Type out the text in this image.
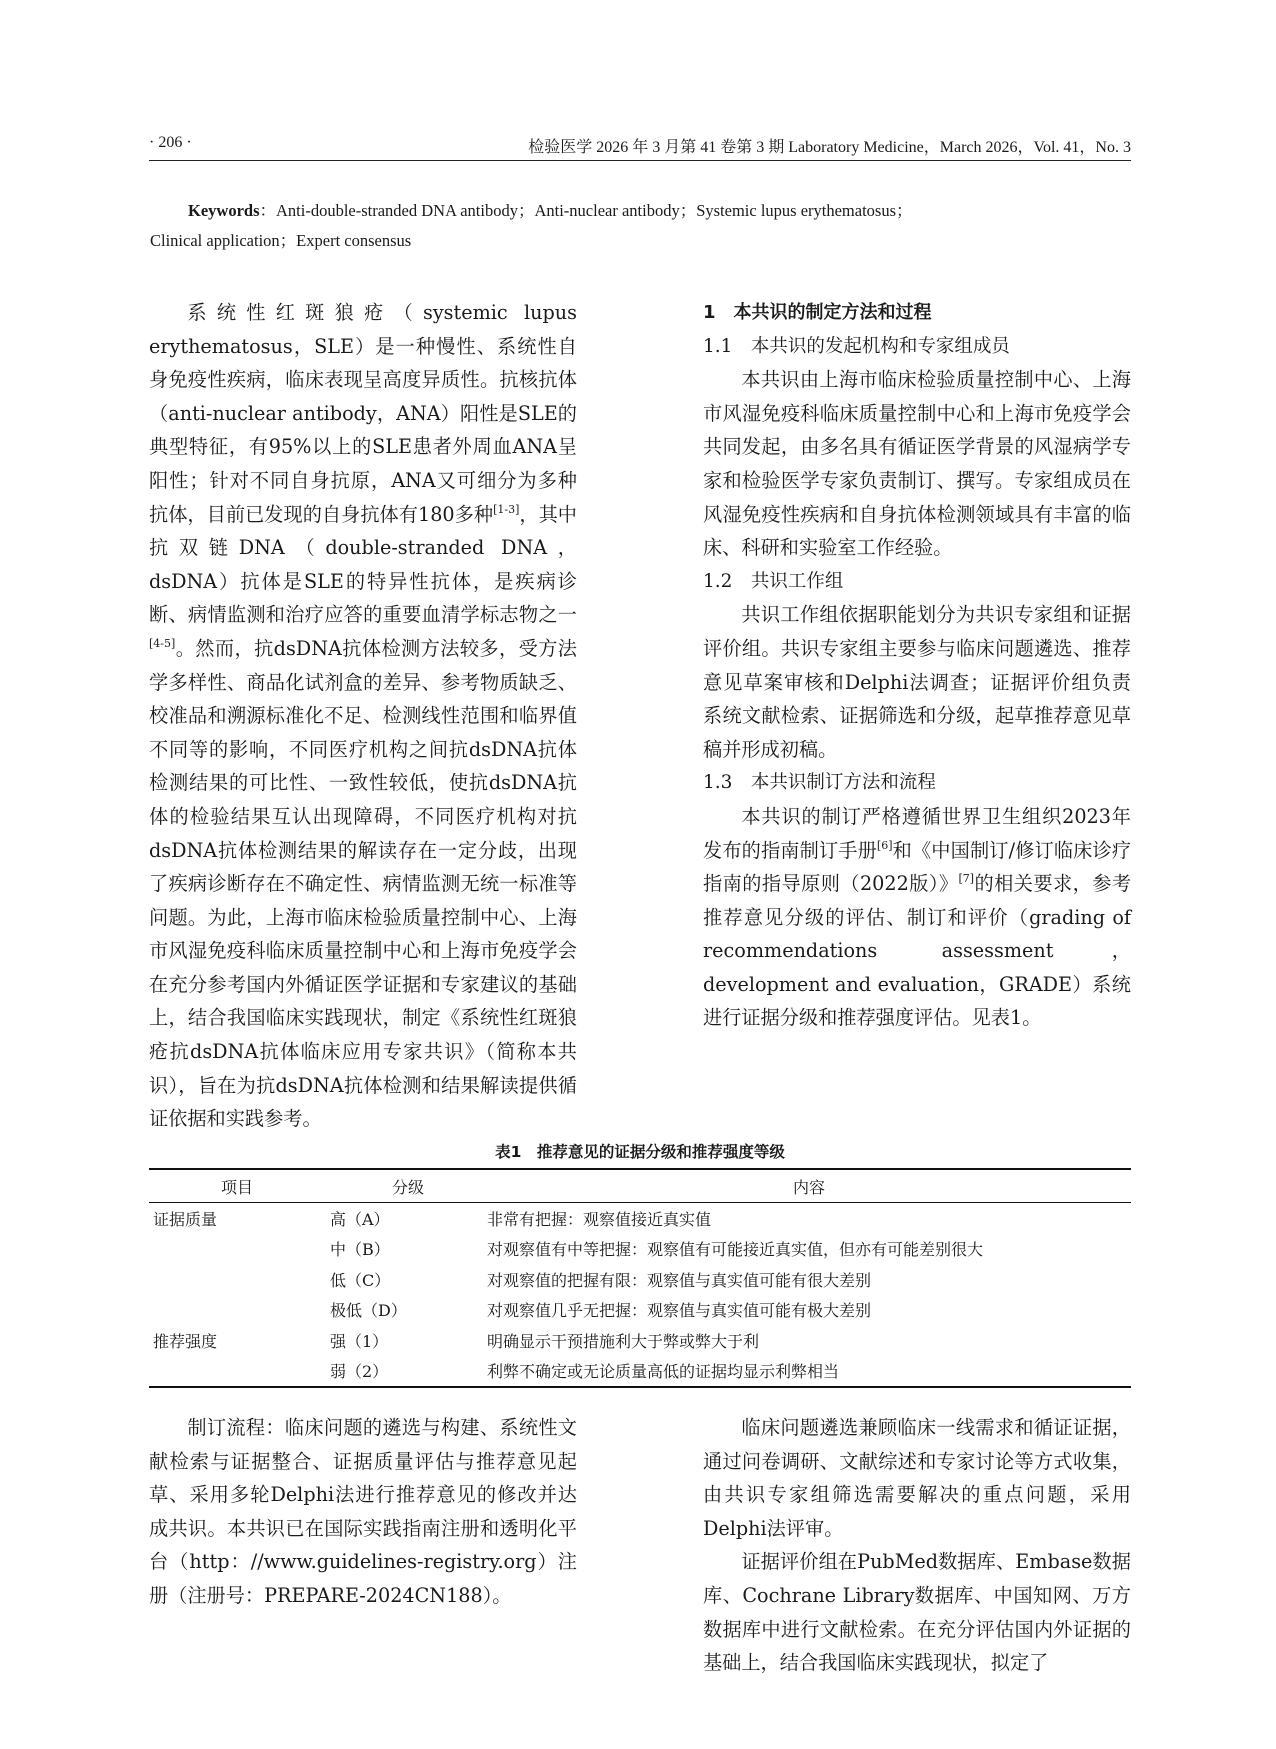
· 206 ·	检验医学 2026 年 3 月第 41 卷第 3 期 Laboratory Medicine，March 2026，Vol. 41，No. 3
Keywords：Anti-double-stranded DNA antibody；Anti-nuclear antibody；Systemic lupus erythematosus；
Clinical application；Expert consensus

系统性红斑狼疮（systemic lupus erythematosus，SLE）是一种慢性、系统性自身免疫性疾病，临床表现呈高度异质性。抗核抗体（anti-nuclear antibody，ANA）阳性是SLE的典型特征，有95%以上的SLE患者外周血ANA呈阳性；针对不同自身抗原，ANA又可细分为多种抗体，目前已发现的自身抗体有180多种[1-3]，其中抗双链DNA（double-stranded DNA，dsDNA）抗体是SLE的特异性抗体，是疾病诊断、病情监测和治疗应答的重要血清学标志物之一[4-5]。然而，抗dsDNA抗体检测方法较多，受方法学多样性、商品化试剂盒的差异、参考物质缺乏、校准品和溯源标准化不足、检测线性范围和临界值不同等的影响，不同医疗机构之间抗dsDNA抗体检测结果的可比性、一致性较低，使抗dsDNA抗体的检验结果互认出现障碍，不同医疗机构对抗dsDNA抗体检测结果的解读存在一定分歧，出现了疾病诊断存在不确定性、病情监测无统一标准等问题。为此，上海市临床检验质量控制中心、上海市风湿免疫科临床质量控制中心和上海市免疫学会在充分参考国内外循证医学证据和专家建议的基础上，结合我国临床实践现状，制定《系统性红斑狼疮抗dsDNA抗体临床应用专家共识》（简称本共识），旨在为抗dsDNA抗体检测和结果解读提供循证依据和实践参考。

1　本共识的制定方法和过程

1.1　本共识的发起机构和专家组成员

本共识由上海市临床检验质量控制中心、上海市风湿免疫科临床质量控制中心和上海市免疫学会共同发起，由多名具有循证医学背景的风湿病学专家和检验医学专家负责制订、撰写。专家组成员在风湿免疫性疾病和自身抗体检测领域具有丰富的临床、科研和实验室工作经验。

1.2　共识工作组

共识工作组依据职能划分为共识专家组和证据评价组。共识专家组主要参与临床问题遴选、推荐意见草案审核和Delphi法调查；证据评价组负责系统文献检索、证据筛选和分级，起草推荐意见草稿并形成初稿。

1.3　本共识制订方法和流程

本共识的制订严格遵循世界卫生组织2023年发布的指南制订手册[6]和《中国制订/修订临床诊疗指南的指导原则（2022版）》[7]的相关要求，参考推荐意见分级的评估、制订和评价（grading of recommendations assessment，development and evaluation，GRADE）系统进行证据分级和推荐强度评估。见表1。

表1　推荐意见的证据分级和推荐强度等级
项目	分级	内容
证据质量	高（A）	非常有把握：观察值接近真实值
	中（B）	对观察值有中等把握：观察值有可能接近真实值，但亦有可能差别很大
	低（C）	对观察值的把握有限：观察值与真实值可能有很大差别
	极低（D）	对观察值几乎无把握：观察值与真实值可能有极大差别
推荐强度	强（1）	明确显示干预措施利大于弊或弊大于利
	弱（2）	利弊不确定或无论质量高低的证据均显示利弊相当

制订流程：临床问题的遴选与构建、系统性文献检索与证据整合、证据质量评估与推荐意见起草、采用多轮Delphi法进行推荐意见的修改并达成共识。本共识已在国际实践指南注册和透明化平台（http：//www.guidelines-registry.org）注册（注册号：PREPARE-2024CN188）。

临床问题遴选兼顾临床一线需求和循证证据，通过问卷调研、文献综述和专家讨论等方式收集，由共识专家组筛选需要解决的重点问题，采用Delphi法评审。

证据评价组在PubMed数据库、Embase数据库、Cochrane Library数据库、中国知网、万方数据库中进行文献检索。在充分评估国内外证据的基础上，结合我国临床实践现状，拟定了
